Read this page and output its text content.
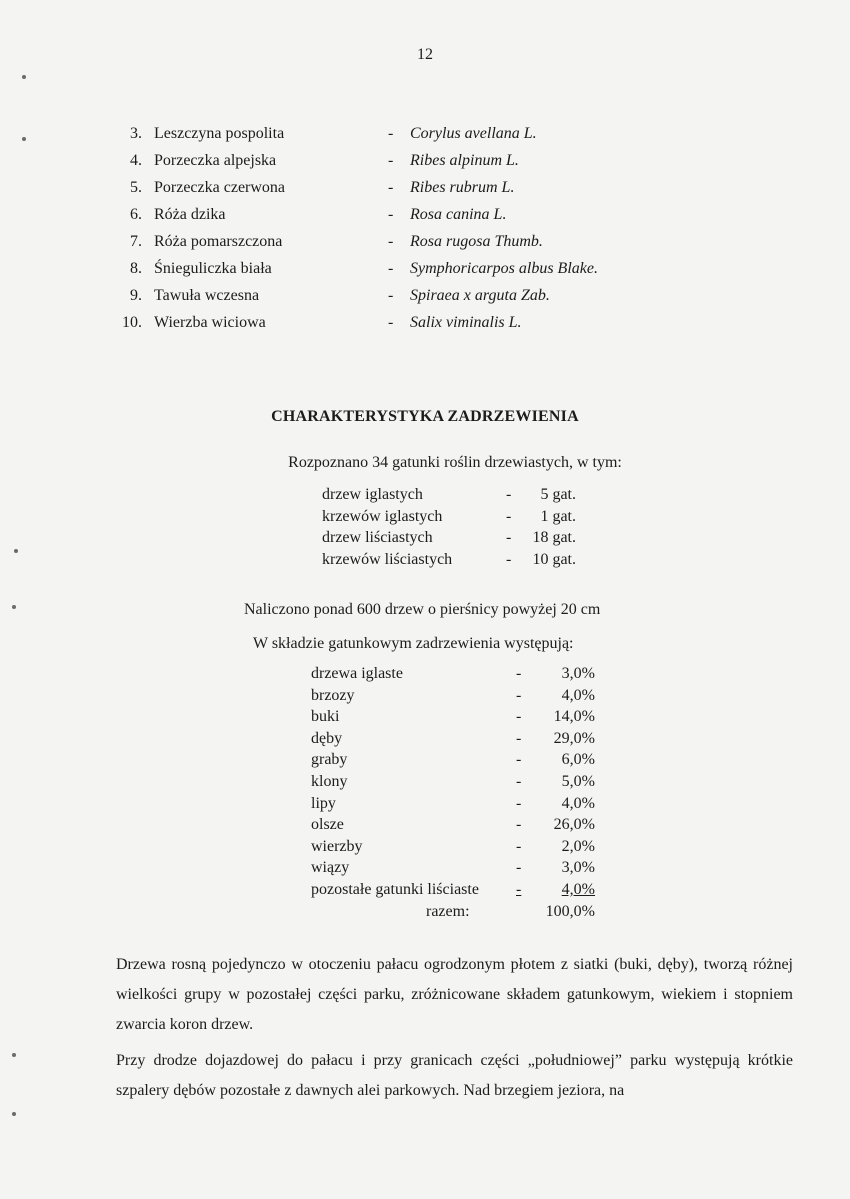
12
3. Leszczyna pospolita	- Corylus avellana L.
4. Porzeczka alpejska	- Ribes alpinum L.
5. Porzeczka czerwona	- Ribes rubrum L.
6. Róża dzika	- Rosa canina L.
7. Róża pomarszczona	- Rosa rugosa Thumb.
8. Śnieguliczka biała	- Symphoricarpos albus Blake.
9. Tawuła wczesna	- Spiraea x arguta Zab.
10. Wierzba wiciowa	- Salix viminalis L.
CHARAKTERYSTYKA ZADRZEWIENIA
Rozpoznano 34 gatunki roślin drzewiastych, w tym:
drzew iglastych	-	5 gat.
krzewów iglastych	-	1 gat.
drzew liściastych	-	18 gat.
krzewów liściastych	-	10 gat.
Naliczono ponad 600 drzew o pierśnicy powyżej 20 cm
W składzie gatunkowym zadrzewienia występują:
drzewa iglaste	-	3,0%
brzozy	-	4,0%
buki	- 14,0%
dęby	- 29,0%
graby	-	6,0%
klony	-	5,0%
lipy	-	4,0%
olsze	- 26,0%
wierzby	-	2,0%
wiązy	-	3,0%
pozostałe gatunki liściaste -	4,0%
razem:	100,0%
Drzewa rosną pojedynczo w otoczeniu pałacu ogrodzonym płotem z siatki (buki, dęby), tworzą różnej wielkości grupy w pozostałej części parku, zróżnicowane składem gatunkowym, wiekiem i stopniem zwarcia koron drzew.
Przy drodze dojazdowej do pałacu i przy granicach części „południowej” parku występują krótkie szpalery dębów pozostałe z dawnych alei parkowych. Nad brzegiem jeziora, na
